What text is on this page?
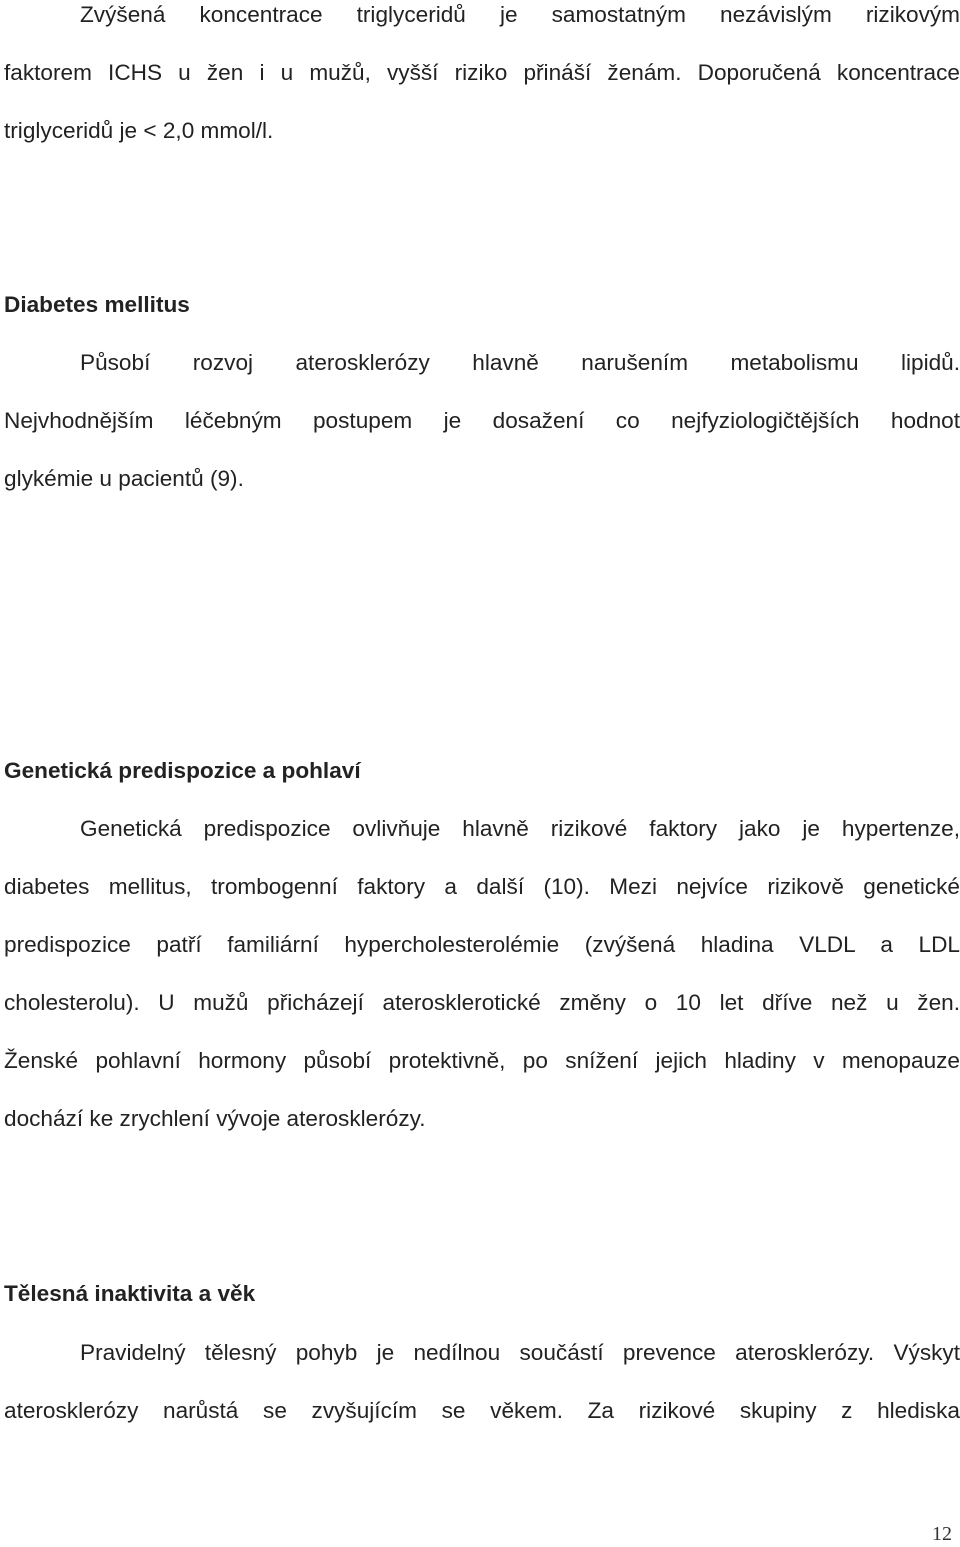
Zvýšená koncentrace triglyceridů je samostatným nezávislým rizikovým
faktorem ICHS u žen i u mužů, vyšší riziko přináší ženám. Doporučená koncentrace
triglyceridů je < 2,0 mmol/l.
Diabetes mellitus
Působí rozvoj aterosklerózy hlavně narušením metabolismu lipidů.
Nejvhodnějším léčebným postupem je dosažení co nejfyziologičtějších hodnot
glykémie u pacientů (9).
Genetická predispozice a pohlaví
Genetická predispozice ovlivňuje hlavně rizikové faktory jako je hypertenze,
diabetes mellitus, trombogenní faktory a další (10). Mezi nejvíce rizikově genetické
predispozice patří familiární hypercholesterolémie (zvýšená hladina VLDL a LDL
cholesterolu). U mužů přicházejí aterosklerotické změny o 10 let dříve než u žen.
Ženské pohlavní hormony působí protektivně, po snížení jejich hladiny v menopauze
dochází ke zrychlení vývoje aterosklerózy.
Tělesná inaktivita a věk
Pravidelný tělesný pohyb je nedílnou součástí prevence aterosklerózy. Výskyt
aterosklerózy narůstá se zvyšujícím se věkem. Za rizikové skupiny z hlediska
12
